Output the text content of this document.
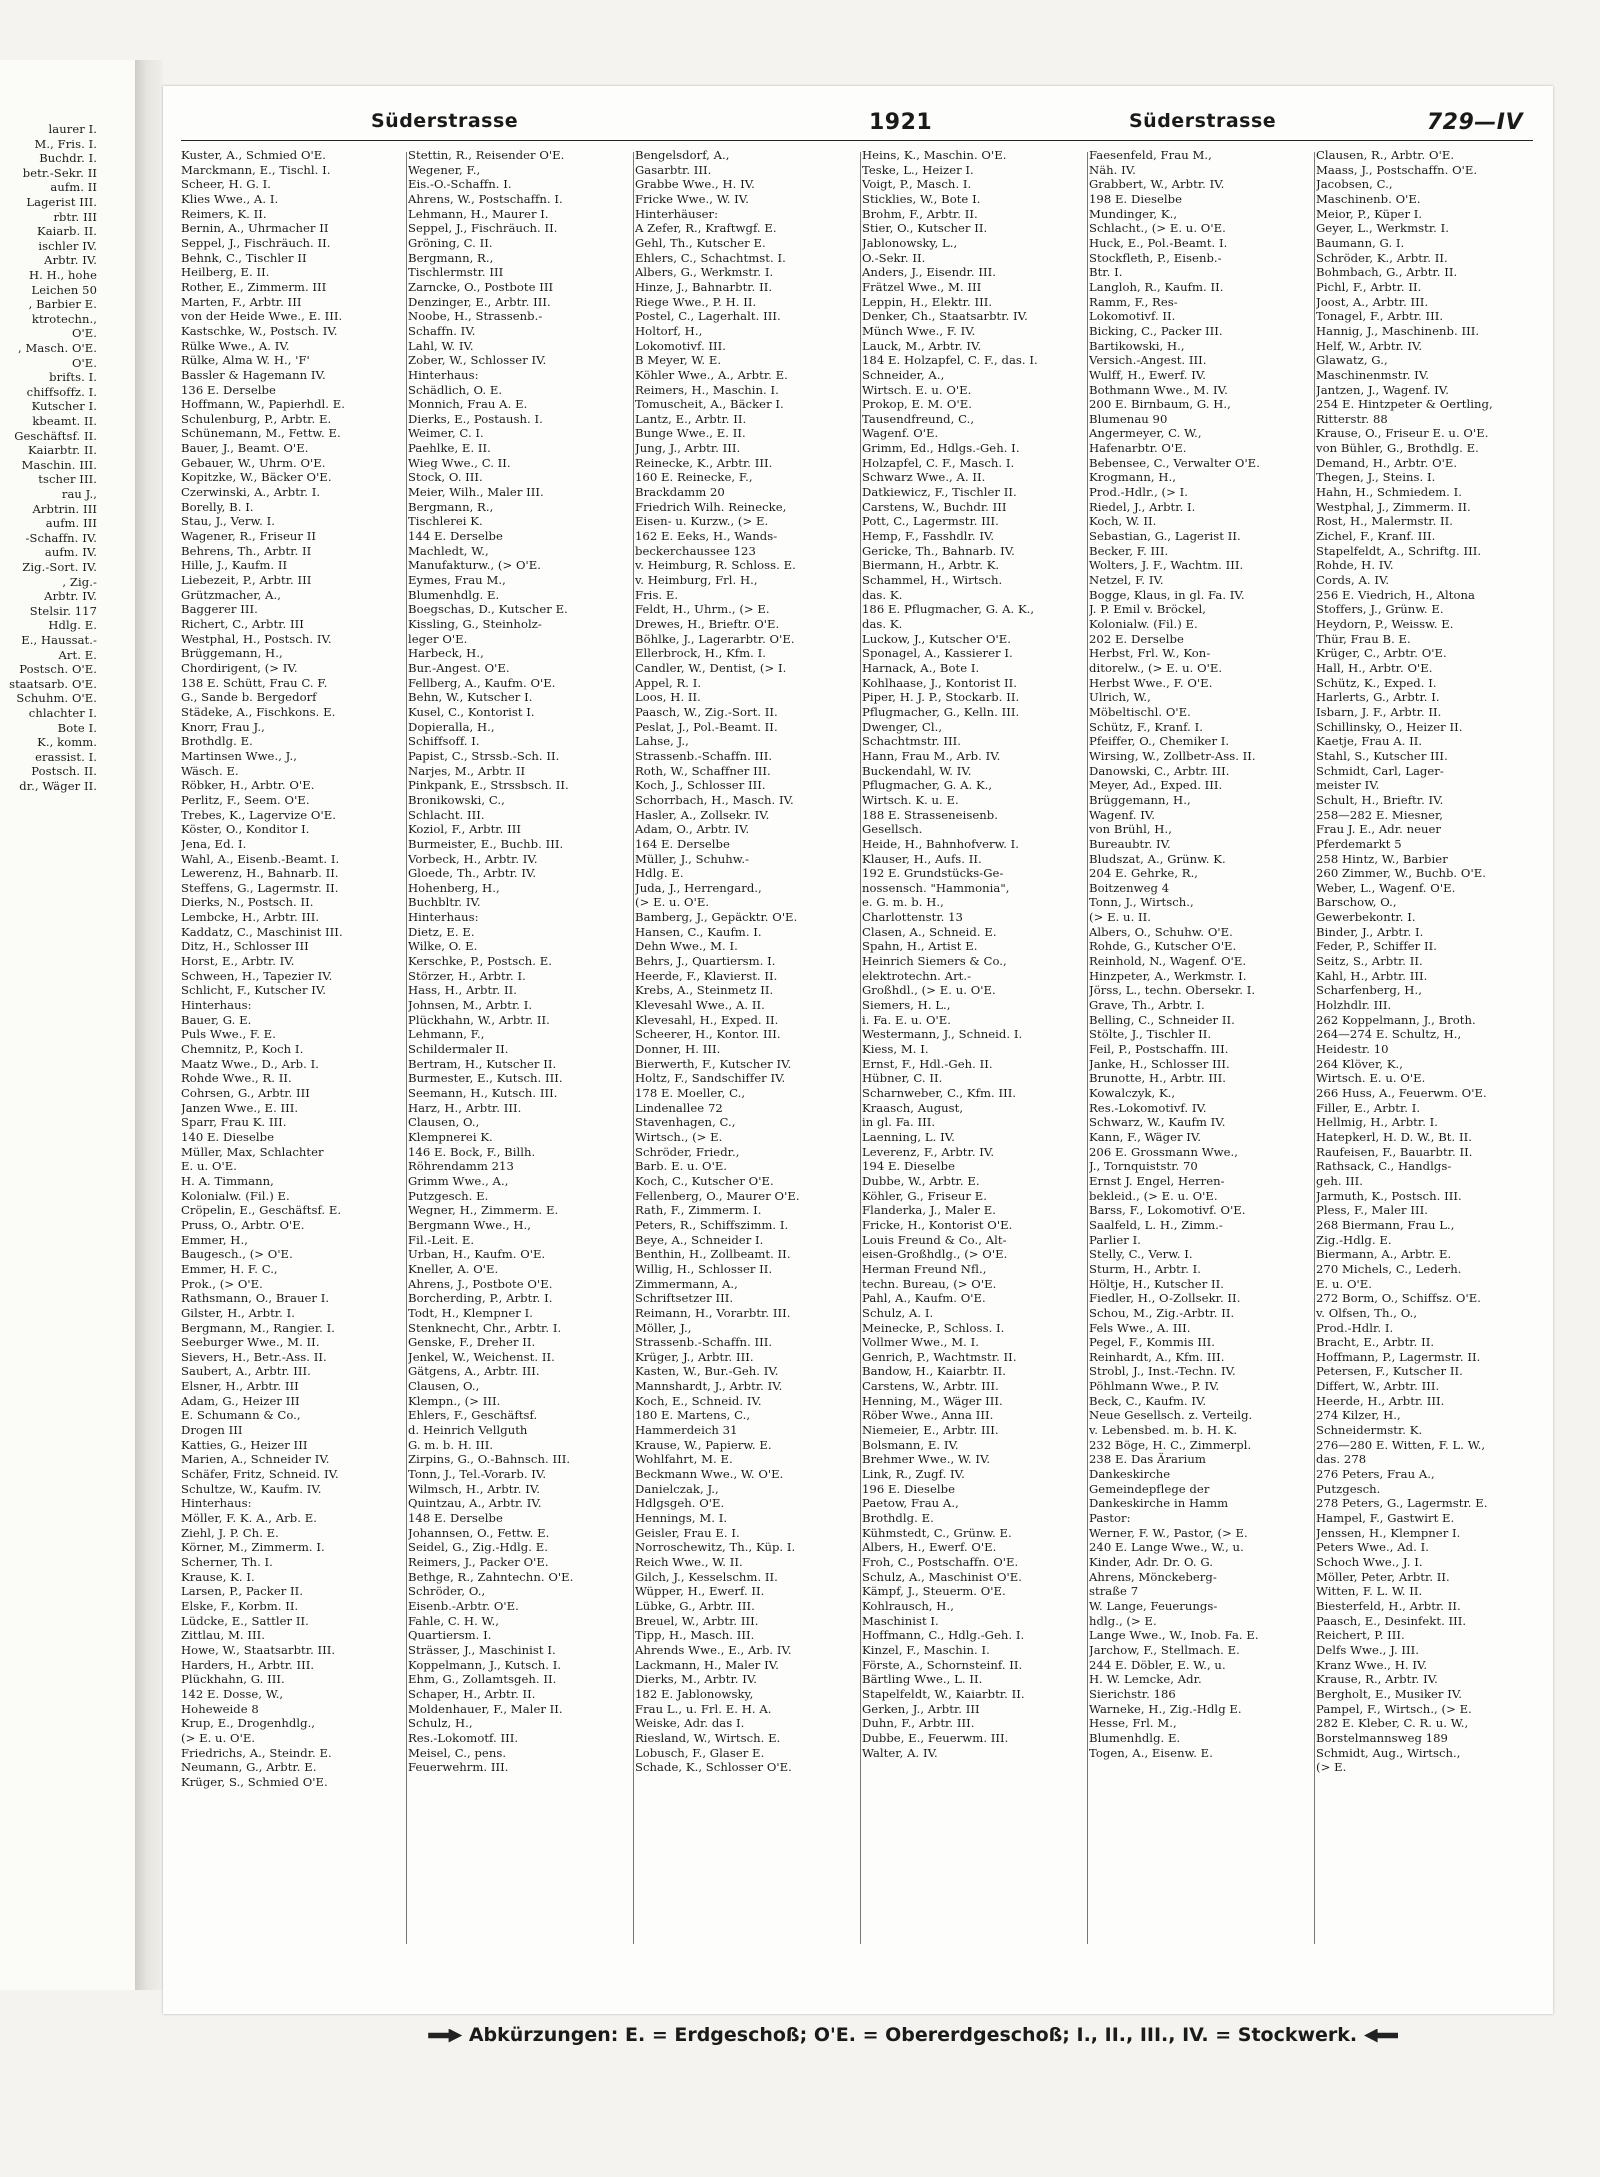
laurer I.
M., Fris. I.
Buchdr. I.
betr.-Sekr. II
aufm. II
Lagerist III.
rbtr. III
Kaiarb. II.
ischler IV.
Arbtr. IV.
H. H., hohe
Leichen 50
, Barbier E.
ktrotechn.,
O'E.
, Masch. O'E.
O'E.
brifts. I.
chiffsoffz. I.
Kutscher I.
kbeamt. II.
Geschäftsf. II.
Kaiarbtr. II.
Maschin. III.
tscher III.
rau J.,
Arbtrin. III
aufm. III
-Schaffn. IV.
aufm. IV.
Zig.-Sort. IV.
, Zig.-
Arbtr. IV.
Stelsir. 117
Hdlg. E.
E., Haussat.-
Art. E.
Postsch. O'E.
staatsarb. O'E.
Schuhm. O'E.
chlachter I.
Bote I.
K., komm.
erassist. I.
Postsch. II.
dr., Wäger II.
Süderstrasse	1921	Süderstrasse	729—IV
Kuster, A., Schmied O'E.
Marckmann, E., Tischl. I.
Scheer, H. G. I.
Klies Wwe., A. I.
Reimers, K. II.
Bernin, A., Uhrmacher II
Seppel, J., Fischräuch. II.
Behnk, C., Tischler II
Heilberg, E. II.
Rother, E., Zimmerm. III
Marten, F., Arbtr. III
von der Heide Wwe., E. III.
Kastschke, W., Postsch. IV.
Rülke Wwe., A. IV.
Rülke, Alma W. H., 'F'
Bassler & Hagemann IV.
136 E. Derselbe
Hoffmann, W., Papierhdl. E.
Schulenburg, P., Arbtr. E.
Schünemann, M., Fettw. E.
Bauer, J., Beamt. O'E.
Gebauer, W., Uhrm. O'E.
Kopitzke, W., Bäcker O'E.
Czerwinski, A., Arbtr. I.
Borelly, B. I.
Stau, J., Verw. I.
Wagener, R., Friseur II
Behrens, Th., Arbtr. II
Hille, J., Kaufm. II
Liebezeit, P., Arbtr. III
Grützmacher, A.,
Baggerer III.
Richert, C., Arbtr. III
Westphal, H., Postsch. IV.
Brüggemann, H.,
Chordirigent, (> IV.
138 E. Schütt, Frau C. F.
G., Sande b. Bergedorf
Städeke, A., Fischkons. E.
Knorr, Frau J.,
Brothdlg. E.
Martinsen Wwe., J.,
Wäsch. E.
Röbker, H., Arbtr. O'E.
Perlitz, F., Seem. O'E.
Trebes, K., Lagervize O'E.
Köster, O., Konditor I.
Jena, Ed. I.
Wahl, A., Eisenb.-Beamt. I.
Lewerenz, H., Bahnarb. II.
Steffens, G., Lagermstr. II.
Dierks, N., Postsch. II.
Lembcke, H., Arbtr. III.
Kaddatz, C., Maschinist III.
Ditz, H., Schlosser III
Horst, E., Arbtr. IV.
Schween, H., Tapezier IV.
Schlicht, F., Kutscher IV.
Hinterhaus:
Bauer, G. E.
Puls Wwe., F. E.
Chemnitz, P., Koch I.
Maatz Wwe., D., Arb. I.
Rohde Wwe., R. II.
Cohrsen, G., Arbtr. III
Janzen Wwe., E. III.
Sparr, Frau K. III.
140 E. Dieselbe
Müller, Max, Schlachter
E. u. O'E.
H. A. Timmann,
Kolonialw. (Fil.) E.
Cröpelin, E., Geschäftsf. E.
Pruss, O., Arbtr. O'E.
Emmer, H.,
Baugesch., (> O'E.
Emmer, H. F. C.,
Prok., (> O'E.
Rathsmann, O., Brauer I.
Gilster, H., Arbtr. I.
Bergmann, M., Rangier. I.
Seeburger Wwe., M. II.
Sievers, H., Betr.-Ass. II.
Saubert, A., Arbtr. III.
Elsner, H., Arbtr. III
Adam, G., Heizer III
E. Schumann & Co.,
Drogen III
Katties, G., Heizer III
Marien, A., Schneider IV.
Schäfer, Fritz, Schneid. IV.
Schultze, W., Kaufm. IV.
Hinterhaus:
Möller, F. K. A., Arb. E.
Ziehl, J. P. Ch. E.
Körner, M., Zimmerm. I.
Scherner, Th. I.
Krause, K. I.
Larsen, P., Packer II.
Elske, F., Korbm. II.
Lüdcke, E., Sattler II.
Zittlau, M. III.
Howe, W., Staatsarbtr. III.
Harders, H., Arbtr. III.
Plückhahn, G. III.
142 E. Dosse, W.,
Hoheweide 8
Krup, E., Drogenhdlg.,
(> E. u. O'E.
Friedrichs, A., Steindr. E.
Neumann, G., Arbtr. E.
Krüger, S., Schmied O'E.
Stettin, R., Reisender O'E.
Wegener, F.,
Eis.-O.-Schaffn. I.
Ahrens, W., Postschaffn. I.
Lehmann, H., Maurer I.
Seppel, J., Fischräuch. II.
Gröning, C. II.
Bergmann, R.,
Tischlermstr. III
Zarncke, O., Postbote III
Denzinger, E., Arbtr. III.
Noobe, H., Strassenb.-
Schaffn. IV.
Lahl, W. IV.
Zober, W., Schlosser IV.
Hinterhaus:
Schädlich, O. E.
Monnich, Frau A. E.
Dierks, E., Postaush. I.
Weimer, C. I.
Paehlke, E. II.
Wieg Wwe., C. II.
Stock, O. III.
Meier, Wilh., Maler III.
Bergmann, R.,
Tischlerei K.
144 E. Derselbe
Machledt, W.,
Manufakturw., (> O'E.
Eymes, Frau M.,
Blumenhdlg. E.
Boegschas, D., Kutscher E.
Kissling, G., Steinholz-
leger O'E.
Harbeck, H.,
Bur.-Angest. O'E.
Fellberg, A., Kaufm. O'E.
Behn, W., Kutscher I.
Kusel, C., Kontorist I.
Dopieralla, H.,
Schiffsoff. I.
Papist, C., Strssb.-Sch. II.
Narjes, M., Arbtr. II
Pinkpank, E., Strssbsch. II.
Bronikowski, C.,
Schlacht. III.
Koziol, F., Arbtr. III
Burmeister, E., Buchb. III.
Vorbeck, H., Arbtr. IV.
Gloede, Th., Arbtr. IV.
Hohenberg, H.,
Buchbltr. IV.
Hinterhaus:
Dietz, E. E.
Wilke, O. E.
Kerschke, P., Postsch. E.
Störzer, H., Arbtr. I.
Hass, H., Arbtr. II.
Johnsen, M., Arbtr. I.
Plückhahn, W., Arbtr. II.
Lehmann, F.,
Schildermaler II.
Bertram, H., Kutscher II.
Burmester, E., Kutsch. III.
Seemann, H., Kutsch. III.
Harz, H., Arbtr. III.
Clausen, O.,
Klempnerei K.
146 E. Bock, F., Billh.
Röhrendamm 213
Grimm Wwe., A.,
Putzgesch. E.
Wegner, H., Zimmerm. E.
Bergmann Wwe., H.,
Fil.-Leit. E.
Urban, H., Kaufm. O'E.
Kneller, A. O'E.
Ahrens, J., Postbote O'E.
Borcherding, P., Arbtr. I.
Todt, H., Klempner I.
Stenknecht, Chr., Arbtr. I.
Genske, F., Dreher II.
Jenkel, W., Weichenst. II.
Gätgens, A., Arbtr. III.
Clausen, O.,
Klempn., (> III.
Ehlers, F., Geschäftsf.
d. Heinrich Vellguth
G. m. b. H. III.
Zirpins, G., O.-Bahnsch. III.
Tonn, J., Tel.-Vorarb. IV.
Wilmsch, H., Arbtr. IV.
Quintzau, A., Arbtr. IV.
148 E. Derselbe
Johannsen, O., Fettw. E.
Seidel, G., Zig.-Hdlg. E.
Reimers, J., Packer O'E.
Bethge, R., Zahntechn. O'E.
Schröder, O.,
Eisenb.-Arbtr. O'E.
Fahle, C. H. W.,
Quartiersm. I.
Strässer, J., Maschinist I.
Koppelmann, J., Kutsch. I.
Ehm, G., Zollamtsgeh. II.
Schaper, H., Arbtr. II.
Moldenhauer, F., Maler II.
Schulz, H.,
Res.-Lokomotf. III.
Meisel, C., pens.
Feuerwehrm. III.
Bengelsdorf, A.,
Gasarbtr. III.
Grabbe Wwe., H. IV.
Fricke Wwe., W. IV.
Hinterhäuser:
A Zefer, R., Kraftwgf. E.
Gehl, Th., Kutscher E.
Ehlers, C., Schachtmst. I.
Albers, G., Werkmstr. I.
Hinze, J., Bahnarbtr. II.
Riege Wwe., P. H. II.
Postel, C., Lagerhalt. III.
Holtorf, H.,
Lokomotivf. III.
B Meyer, W. E.
Köhler Wwe., A., Arbtr. E.
Reimers, H., Maschin. I.
Tomuscheit, A., Bäcker I.
Lantz, E., Arbtr. II.
Bunge Wwe., E. II.
Jung, J., Arbtr. III.
Reinecke, K., Arbtr. III.
160 E. Reinecke, F.,
Brackdamm 20
Friedrich Wilh. Reinecke,
Eisen- u. Kurzw., (> E.
162 E. Eeks, H., Wands-
beckerchaussee 123
v. Heimburg, R. Schloss. E.
v. Heimburg, Frl. H.,
Fris. E.
Feldt, H., Uhrm., (> E.
Drewes, H., Brieftr. O'E.
Böhlke, J., Lagerarbtr. O'E.
Ellerbrock, H., Kfm. I.
Candler, W., Dentist, (> I.
Appel, R. I.
Loos, H. II.
Paasch, W., Zig.-Sort. II.
Peslat, J., Pol.-Beamt. II.
Lahse, J.,
Strassenb.-Schaffn. III.
Roth, W., Schaffner III.
Koch, J., Schlosser III.
Schorrbach, H., Masch. IV.
Hasler, A., Zollsekr. IV.
Adam, O., Arbtr. IV.
164 E. Derselbe
Müller, J., Schuhw.-
Hdlg. E.
Juda, J., Herrengard.,
(> E. u. O'E.
Bamberg, J., Gepäcktr. O'E.
Hansen, C., Kaufm. I.
Dehn Wwe., M. I.
Behrs, J., Quartiersm. I.
Heerde, F., Klavierst. II.
Krebs, A., Steinmetz II.
Klevesahl Wwe., A. II.
Klevesahl, H., Exped. II.
Scheerer, H., Kontor. III.
Donner, H. III.
Bierwerth, F., Kutscher IV.
Holtz, F., Sandschiffer IV.
178 E. Moeller, C.,
Lindenallee 72
Stavenhagen, C.,
Wirtsch., (> E.
Schröder, Friedr.,
Barb. E. u. O'E.
Koch, C., Kutscher O'E.
Fellenberg, O., Maurer O'E.
Rath, F., Zimmerm. I.
Peters, R., Schiffszimm. I.
Beye, A., Schneider I.
Benthin, H., Zollbeamt. II.
Willig, H., Schlosser II.
Zimmermann, A.,
Schriftsetzer III.
Reimann, H., Vorarbtr. III.
Möller, J.,
Strassenb.-Schaffn. III.
Krüger, J., Arbtr. III.
Kasten, W., Bur.-Geh. IV.
Mannshardt, J., Arbtr. IV.
Koch, E., Schneid. IV.
180 E. Martens, C.,
Hammerdeich 31
Krause, W., Papierw. E.
Wohlfahrt, M. E.
Beckmann Wwe., W. O'E.
Danielczak, J.,
Hdlgsgeh. O'E.
Hennings, M. I.
Geisler, Frau E. I.
Norroschewitz, Th., Küp. I.
Reich Wwe., W. II.
Gilch, J., Kesselschm. II.
Wüpper, H., Ewerf. II.
Lübke, G., Arbtr. III.
Breuel, W., Arbtr. III.
Tipp, H., Masch. III.
Ahrends Wwe., E., Arb. IV.
Lackmann, H., Maler IV.
Dierks, M., Arbtr. IV.
182 E. Jablonowsky,
Frau L., u. Frl. E. H. A.
Weiske, Adr. das I.
Riesland, W., Wirtsch. E.
Lobusch, F., Glaser E.
Schade, K., Schlosser O'E.
Heins, K., Maschin. O'E.
Teske, L., Heizer I.
Voigt, P., Masch. I.
Sticklies, W., Bote I.
Brohm, F., Arbtr. II.
Stier, O., Kutscher II.
Jablonowsky, L.,
O.-Sekr. II.
Anders, J., Eisendr. III.
Frätzel Wwe., M. III
Leppin, H., Elektr. III.
Denker, Ch., Staatsarbtr. IV.
Münch Wwe., F. IV.
Lauck, M., Arbtr. IV.
184 E. Holzapfel, C. F., das. I.
Schneider, A.,
Wirtsch. E. u. O'E.
Prokop, E. M. O'E.
Tausendfreund, C.,
Wagenf. O'E.
Grimm, Ed., Hdlgs.-Geh. I.
Holzapfel, C. F., Masch. I.
Schwarz Wwe., A. II.
Datkiewicz, F., Tischler II.
Carstens, W., Buchdr. III
Pott, C., Lagermstr. III.
Hemp, F., Fasshdlr. IV.
Gericke, Th., Bahnarb. IV.
Biermann, H., Arbtr. K.
Schammel, H., Wirtsch.
das. K.
186 E. Pflugmacher, G. A. K.,
das. K.
Luckow, J., Kutscher O'E.
Sponagel, A., Kassierer I.
Harnack, A., Bote I.
Kohlhaase, J., Kontorist II.
Piper, H. J. P., Stockarb. II.
Pflugmacher, G., Kelln. III.
Dwenger, Cl.,
Schachtmstr. III.
Hann, Frau M., Arb. IV.
Buckendahl, W. IV.
Pflugmacher, G. A. K.,
Wirtsch. K. u. E.
188 E. Strasseneisenb.
Gesellsch.
Heide, H., Bahnhofverw. I.
Klauser, H., Aufs. II.
192 E. Grundstücks-Ge-
nossensch. "Hammonia",
e. G. m. b. H.,
Charlottenstr. 13
Clasen, A., Schneid. E.
Spahn, H., Artist E.
Heinrich Siemers & Co.,
elektrotechn. Art.-
Großhdl., (> E. u. O'E.
Siemers, H. L.,
i. Fa. E. u. O'E.
Westermann, J., Schneid. I.
Kiess, M. I.
Ernst, F., Hdl.-Geh. II.
Hübner, C. II.
Scharnweber, C., Kfm. III.
Kraasch, August,
in gl. Fa. III.
Laenning, L. IV.
Leverenz, F., Arbtr. IV.
194 E. Dieselbe
Dubbe, W., Arbtr. E.
Köhler, G., Friseur E.
Flanderka, J., Maler E.
Fricke, H., Kontorist O'E.
Louis Freund & Co., Alt-
eisen-Großhdlg., (> O'E.
Herman Freund Nfl.,
techn. Bureau, (> O'E.
Pahl, A., Kaufm. O'E.
Schulz, A. I.
Meinecke, P., Schloss. I.
Vollmer Wwe., M. I.
Genrich, P., Wachtmstr. II.
Bandow, H., Kaiarbtr. II.
Carstens, W., Arbtr. III.
Henning, M., Wäger III.
Röber Wwe., Anna III.
Niemeier, E., Arbtr. III.
Bolsmann, E. IV.
Brehmer Wwe., W. IV.
Link, R., Zugf. IV.
196 E. Dieselbe
Paetow, Frau A.,
Brothdlg. E.
Kühmstedt, C., Grünw. E.
Albers, H., Ewerf. O'E.
Froh, C., Postschaffn. O'E.
Schulz, A., Maschinist O'E.
Kämpf, J., Steuerm. O'E.
Kohlrausch, H.,
Maschinist I.
Hoffmann, C., Hdlg.-Geh. I.
Kinzel, F., Maschin. I.
Förste, A., Schornsteinf. II.
Bärtling Wwe., L. II.
Stapelfeldt, W., Kaiarbtr. II.
Gerken, J., Arbtr. III
Duhn, F., Arbtr. III.
Dubbe, E., Feuerwm. III.
Walter, A. IV.
Faesenfeld, Frau M.,
Näh. IV.
Grabbert, W., Arbtr. IV.
198 E. Dieselbe
Mundinger, K.,
Schlacht., (> E. u. O'E.
Huck, E., Pol.-Beamt. I.
Stockfleth, P., Eisenb.-
Btr. I.
Langloh, R., Kaufm. II.
Ramm, F., Res-
Lokomotivf. II.
Bicking, C., Packer III.
Bartikowski, H.,
Versich.-Angest. III.
Wulff, H., Ewerf. IV.
Bothmann Wwe., M. IV.
200 E. Birnbaum, G. H.,
Blumenau 90
Angermeyer, C. W.,
Hafenarbtr. O'E.
Bebensee, C., Verwalter O'E.
Krogmann, H.,
Prod.-Hdlr., (> I.
Riedel, J., Arbtr. I.
Koch, W. II.
Sebastian, G., Lagerist II.
Becker, F. III.
Wolters, J. F., Wachtm. III.
Netzel, F. IV.
Bogge, Klaus, in gl. Fa. IV.
J. P. Emil v. Bröckel,
Kolonialw. (Fil.) E.
202 E. Derselbe
Herbst, Frl. W., Kon-
ditorelw., (> E. u. O'E.
Herbst Wwe., F. O'E.
Ulrich, W.,
Möbeltischl. O'E.
Schütz, F., Kranf. I.
Pfeiffer, O., Chemiker I.
Wirsing, W., Zollbetr-Ass. II.
Danowski, C., Arbtr. III.
Meyer, Ad., Exped. III.
Brüggemann, H.,
Wagenf. IV.
von Brühl, H.,
Bureaubtr. IV.
Bludszat, A., Grünw. K.
204 E. Gehrke, R.,
Boitzenweg 4
Tonn, J., Wirtsch.,
(> E. u. II.
Albers, O., Schuhw. O'E.
Rohde, G., Kutscher O'E.
Reinhold, N., Wagenf. O'E.
Hinzpeter, A., Werkmstr. I.
Jörss, L., techn. Obersekr. I.
Grave, Th., Arbtr. I.
Belling, C., Schneider II.
Stölte, J., Tischler II.
Feil, P., Postschaffn. III.
Janke, H., Schlosser III.
Brunotte, H., Arbtr. III.
Kowalczyk, K.,
Res.-Lokomotivf. IV.
Schwarz, W., Kaufm IV.
Kann, F., Wäger IV.
206 E. Grossmann Wwe.,
J., Tornquiststr. 70
Ernst J. Engel, Herren-
bekleid., (> E. u. O'E.
Barss, F., Lokomotivf. O'E.
Saalfeld, L. H., Zimm.-
Parlier I.
Stelly, C., Verw. I.
Sturm, H., Arbtr. I.
Höltje, H., Kutscher II.
Fiedler, H., O-Zollsekr. II.
Schou, M., Zig.-Arbtr. II.
Fels Wwe., A. III.
Pegel, F., Kommis III.
Reinhardt, A., Kfm. III.
Strobl, J., Inst.-Techn. IV.
Pöhlmann Wwe., P. IV.
Beck, C., Kaufm. IV.
Neue Gesellsch. z. Verteilg.
v. Lebensbed. m. b. H. K.
232 Böge, H. C., Zimmerpl.
238 E. Das Ärarium
Dankeskirche
Gemeindepflege der
Dankeskirche in Hamm
Pastor:
Werner, F. W., Pastor, (> E.
240 E. Lange Wwe., W., u.
Kinder, Adr. Dr. O. G.
Ahrens, Mönckeberg-
straße 7
W. Lange, Feuerungs-
hdlg., (> E.
Lange Wwe., W., Inob. Fa. E.
Jarchow, F., Stellmach. E.
244 E. Döbler, E. W., u.
H. W. Lemcke, Adr.
Sierichstr. 186
Warneke, H., Zig.-Hdlg E.
Hesse, Frl. M.,
Blumenhdlg. E.
Togen, A., Eisenw. E.
Clausen, R., Arbtr. O'E.
Maass, J., Postschaffn. O'E.
Jacobsen, C.,
Maschinenb. O'E.
Meior, P., Küper I.
Geyer, L., Werkmstr. I.
Baumann, G. I.
Schröder, K., Arbtr. II.
Bohmbach, G., Arbtr. II.
Pichl, F., Arbtr. II.
Joost, A., Arbtr. III.
Tonagel, F., Arbtr. III.
Hannig, J., Maschinenb. III.
Helf, W., Arbtr. IV.
Glawatz, G.,
Maschinenmstr. IV.
Jantzen, J., Wagenf. IV.
254 E. Hintzpeter & Oertling,
Ritterstr. 88
Krause, O., Friseur E. u. O'E.
von Bühler, G., Brothdlg. E.
Demand, H., Arbtr. O'E.
Thegen, J., Steins. I.
Hahn, H., Schmiedem. I.
Westphal, J., Zimmerm. II.
Rost, H., Malermstr. II.
Zichel, F., Kranf. III.
Stapelfeldt, A., Schriftg. III.
Rohde, H. IV.
Cords, A. IV.
256 E. Viedrich, H., Altona
Stoffers, J., Grünw. E.
Heydorn, P., Weissw. E.
Thür, Frau B. E.
Krüger, C., Arbtr. O'E.
Hall, H., Arbtr. O'E.
Schütz, K., Exped. I.
Harlerts, G., Arbtr. I.
Isbarn, J. F., Arbtr. II.
Schillinsky, O., Heizer II.
Kaetje, Frau A. II.
Stahl, S., Kutscher III.
Schmidt, Carl, Lager-
meister IV.
Schult, H., Brieftr. IV.
258—282 E. Miesner,
Frau J. E., Adr. neuer
Pferdemarkt 5
258 Hintz, W., Barbier
260 Zimmer, W., Buchb. O'E.
Weber, L., Wagenf. O'E.
Barschow, O.,
Gewerbekontr. I.
Binder, J., Arbtr. I.
Feder, P., Schiffer II.
Seitz, S., Arbtr. II.
Kahl, H., Arbtr. III.
Scharfenberg, H.,
Holzhdlr. III.
262 Koppelmann, J., Broth.
264—274 E. Schultz, H.,
Heidestr. 10
264 Klöver, K.,
Wirtsch. E. u. O'E.
266 Huss, A., Feuerwm. O'E.
Filler, E., Arbtr. I.
Hellmig, H., Arbtr. I.
Hatepkerl, H. D. W., Bt. II.
Raufeisen, F., Bauarbtr. II.
Rathsack, C., Handlgs-
geh. III.
Jarmuth, K., Postsch. III.
Pless, F., Maler III.
268 Biermann, Frau L.,
Zig.-Hdlg. E.
Biermann, A., Arbtr. E.
270 Michels, C., Lederh.
E. u. O'E.
272 Borm, O., Schiffsz. O'E.
v. Olfsen, Th., O.,
Prod.-Hdlr. I.
Bracht, E., Arbtr. II.
Hoffmann, P., Lagermstr. II.
Petersen, F., Kutscher II.
Differt, W., Arbtr. III.
Heerde, H., Arbtr. III.
274 Kilzer, H.,
Schneidermstr. K.
276—280 E. Witten, F. L. W.,
das. 278
276 Peters, Frau A.,
Putzgesch.
278 Peters, G., Lagermstr. E.
Hampel, F., Gastwirt E.
Jenssen, H., Klempner I.
Peters Wwe., Ad. I.
Schoch Wwe., J. I.
Möller, Peter, Arbtr. II.
Witten, F. L. W. II.
Biesterfeld, H., Arbtr. II.
Paasch, E., Desinfekt. III.
Reichert, P. III.
Delfs Wwe., J. III.
Kranz Wwe., H. IV.
Krause, R., Arbtr. IV.
Bergholt, E., Musiker IV.
Pampel, F., Wirtsch., (> E.
282 E. Kleber, C. R. u. W.,
Borstelmannsweg 189
Schmidt, Aug., Wirtsch.,
(> E.
Abkürzungen: E. = Erdgeschoß; O'E. = Obererdgeschoß; I., II., III., IV. = Stockwerk.
